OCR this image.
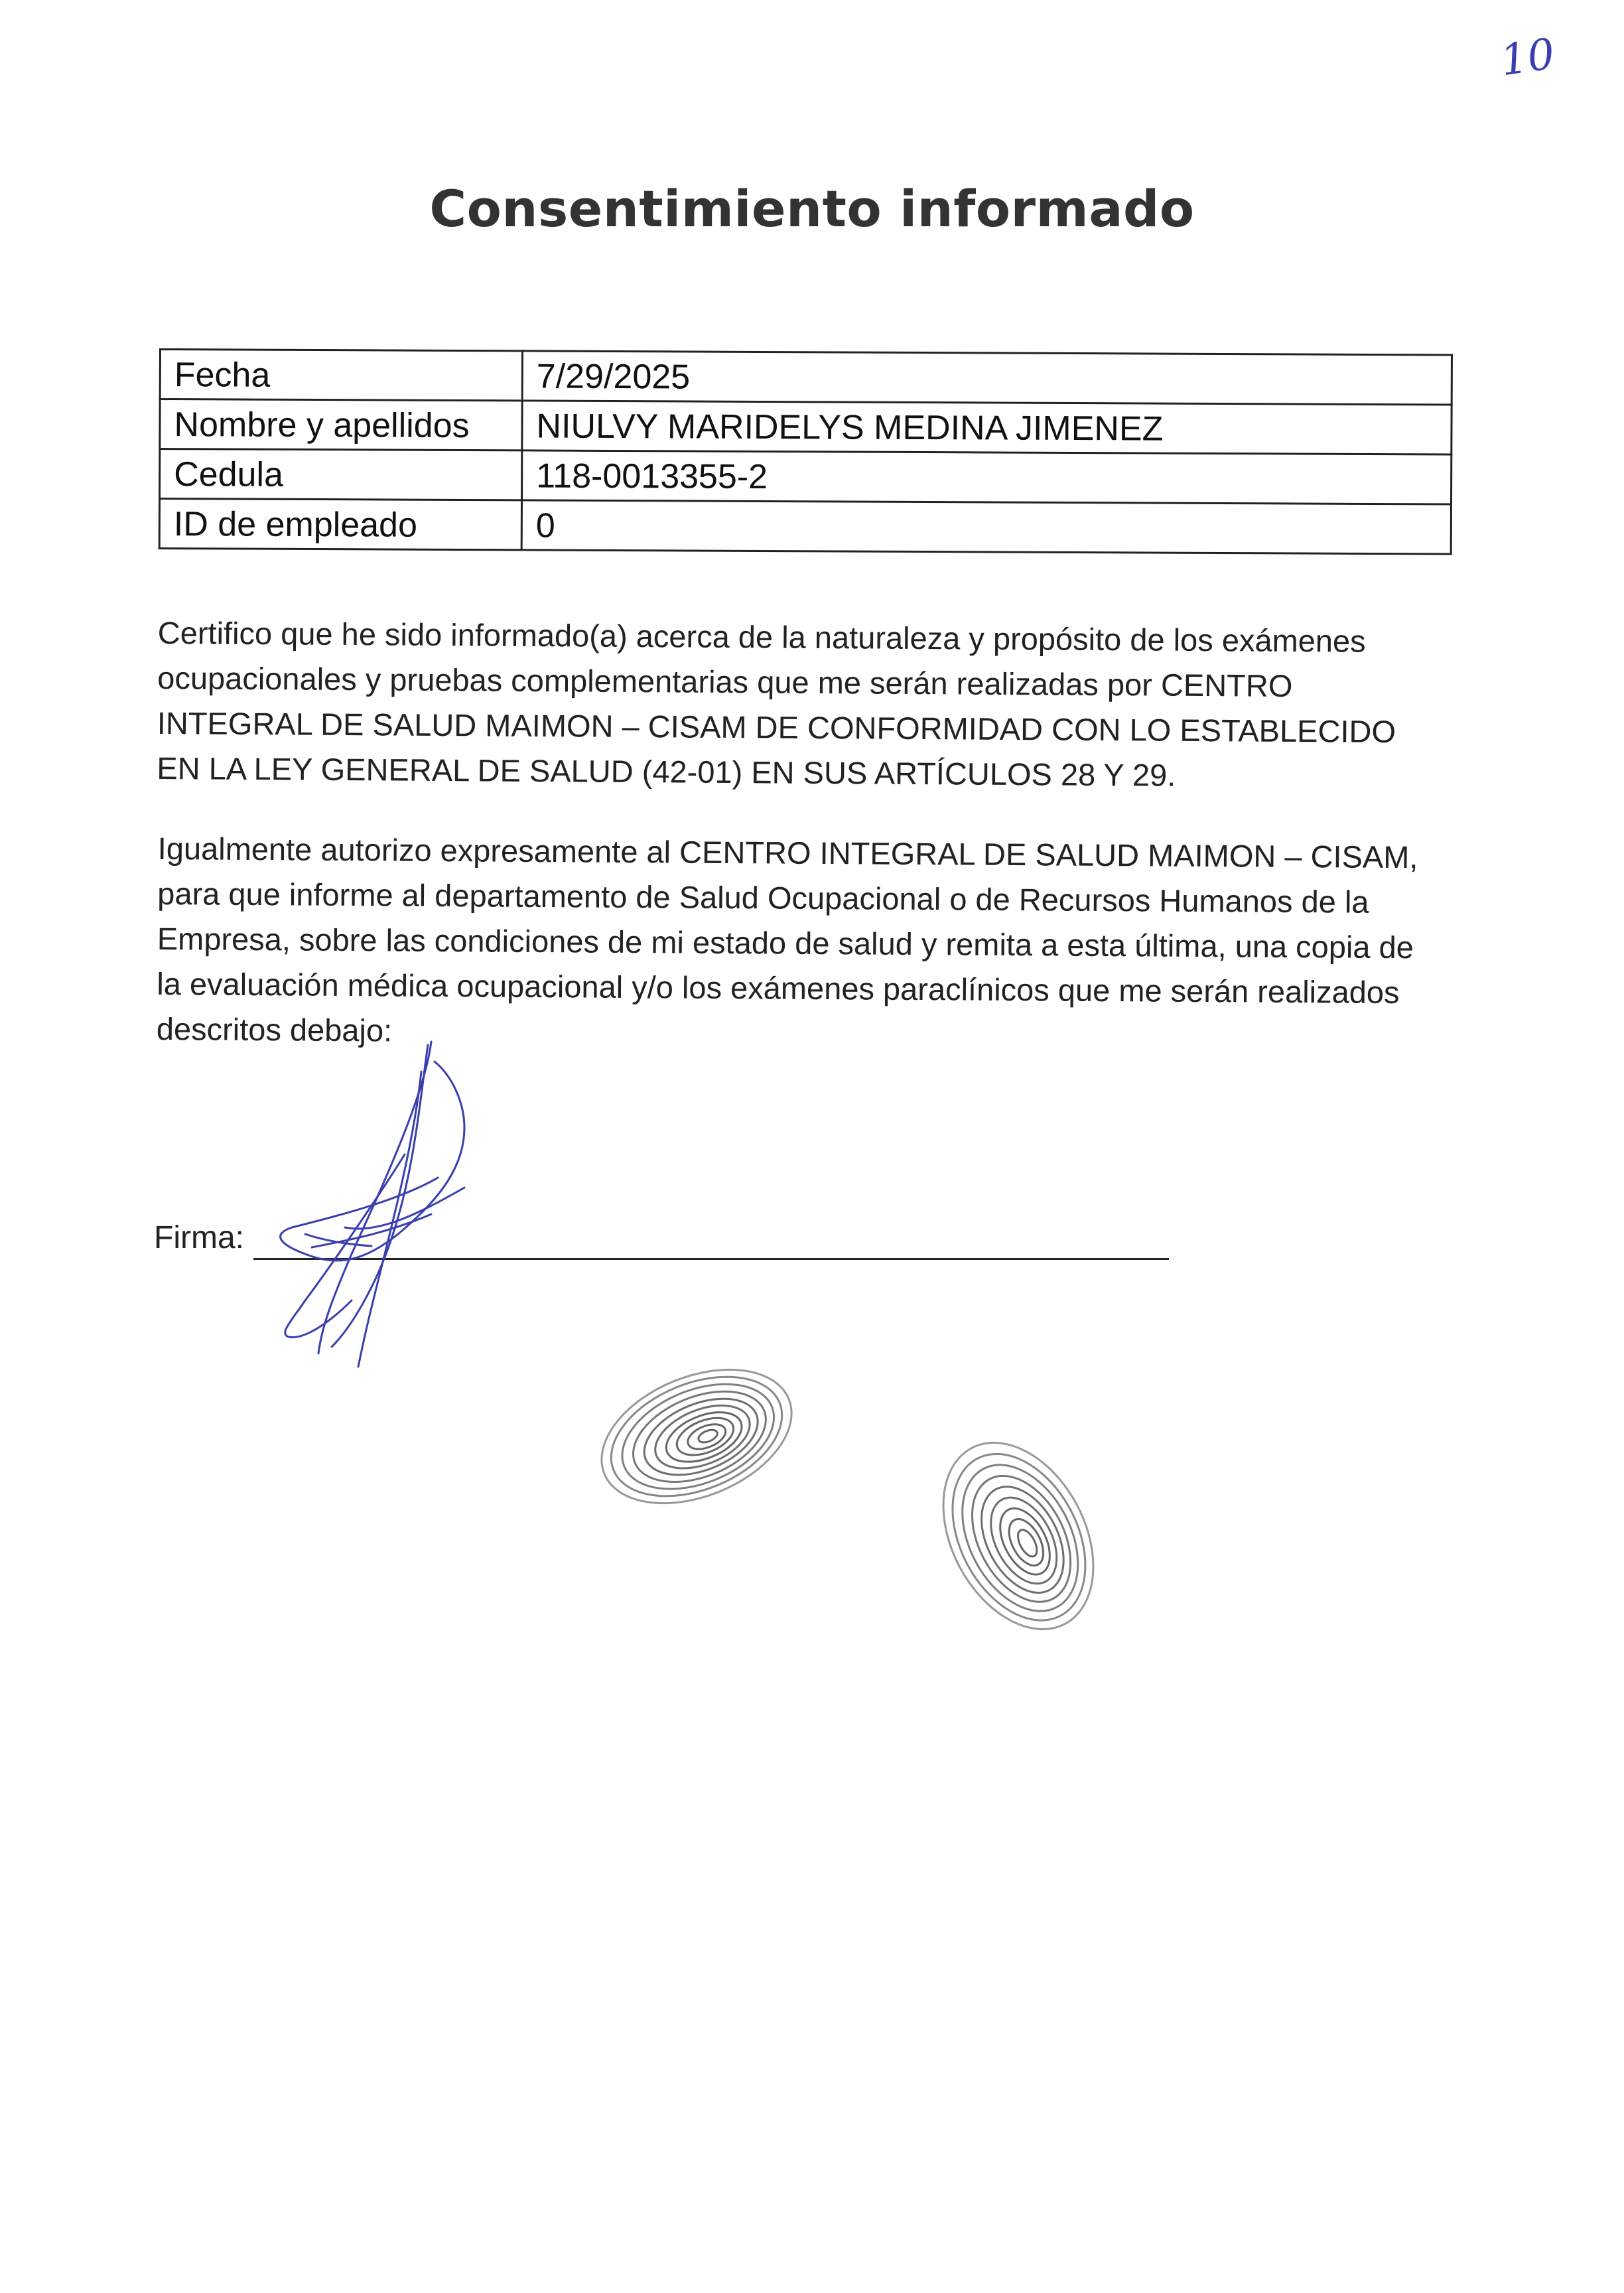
10
Consentimiento informado
Fecha	7/29/2025
Nombre y apellidos	NIULVY MARIDELYS MEDINA JIMENEZ
Cedula	118-0013355-2
ID de empleado	0

Certifico que he sido informado(a) acerca de la naturaleza y propósito de los exámenes ocupacionales y pruebas complementarias que me serán realizadas por CENTRO INTEGRAL DE SALUD MAIMON – CISAM DE CONFORMIDAD CON LO ESTABLECIDO EN LA LEY GENERAL DE SALUD (42-01) EN SUS ARTÍCULOS 28 Y 29.

Igualmente autorizo expresamente al CENTRO INTEGRAL DE SALUD MAIMON – CISAM, para que informe al departamento de Salud Ocupacional o de Recursos Humanos de la Empresa, sobre las condiciones de mi estado de salud y remita a esta última, una copia de la evaluación médica ocupacional y/o los exámenes paraclínicos que me serán realizados descritos debajo:

Firma:
